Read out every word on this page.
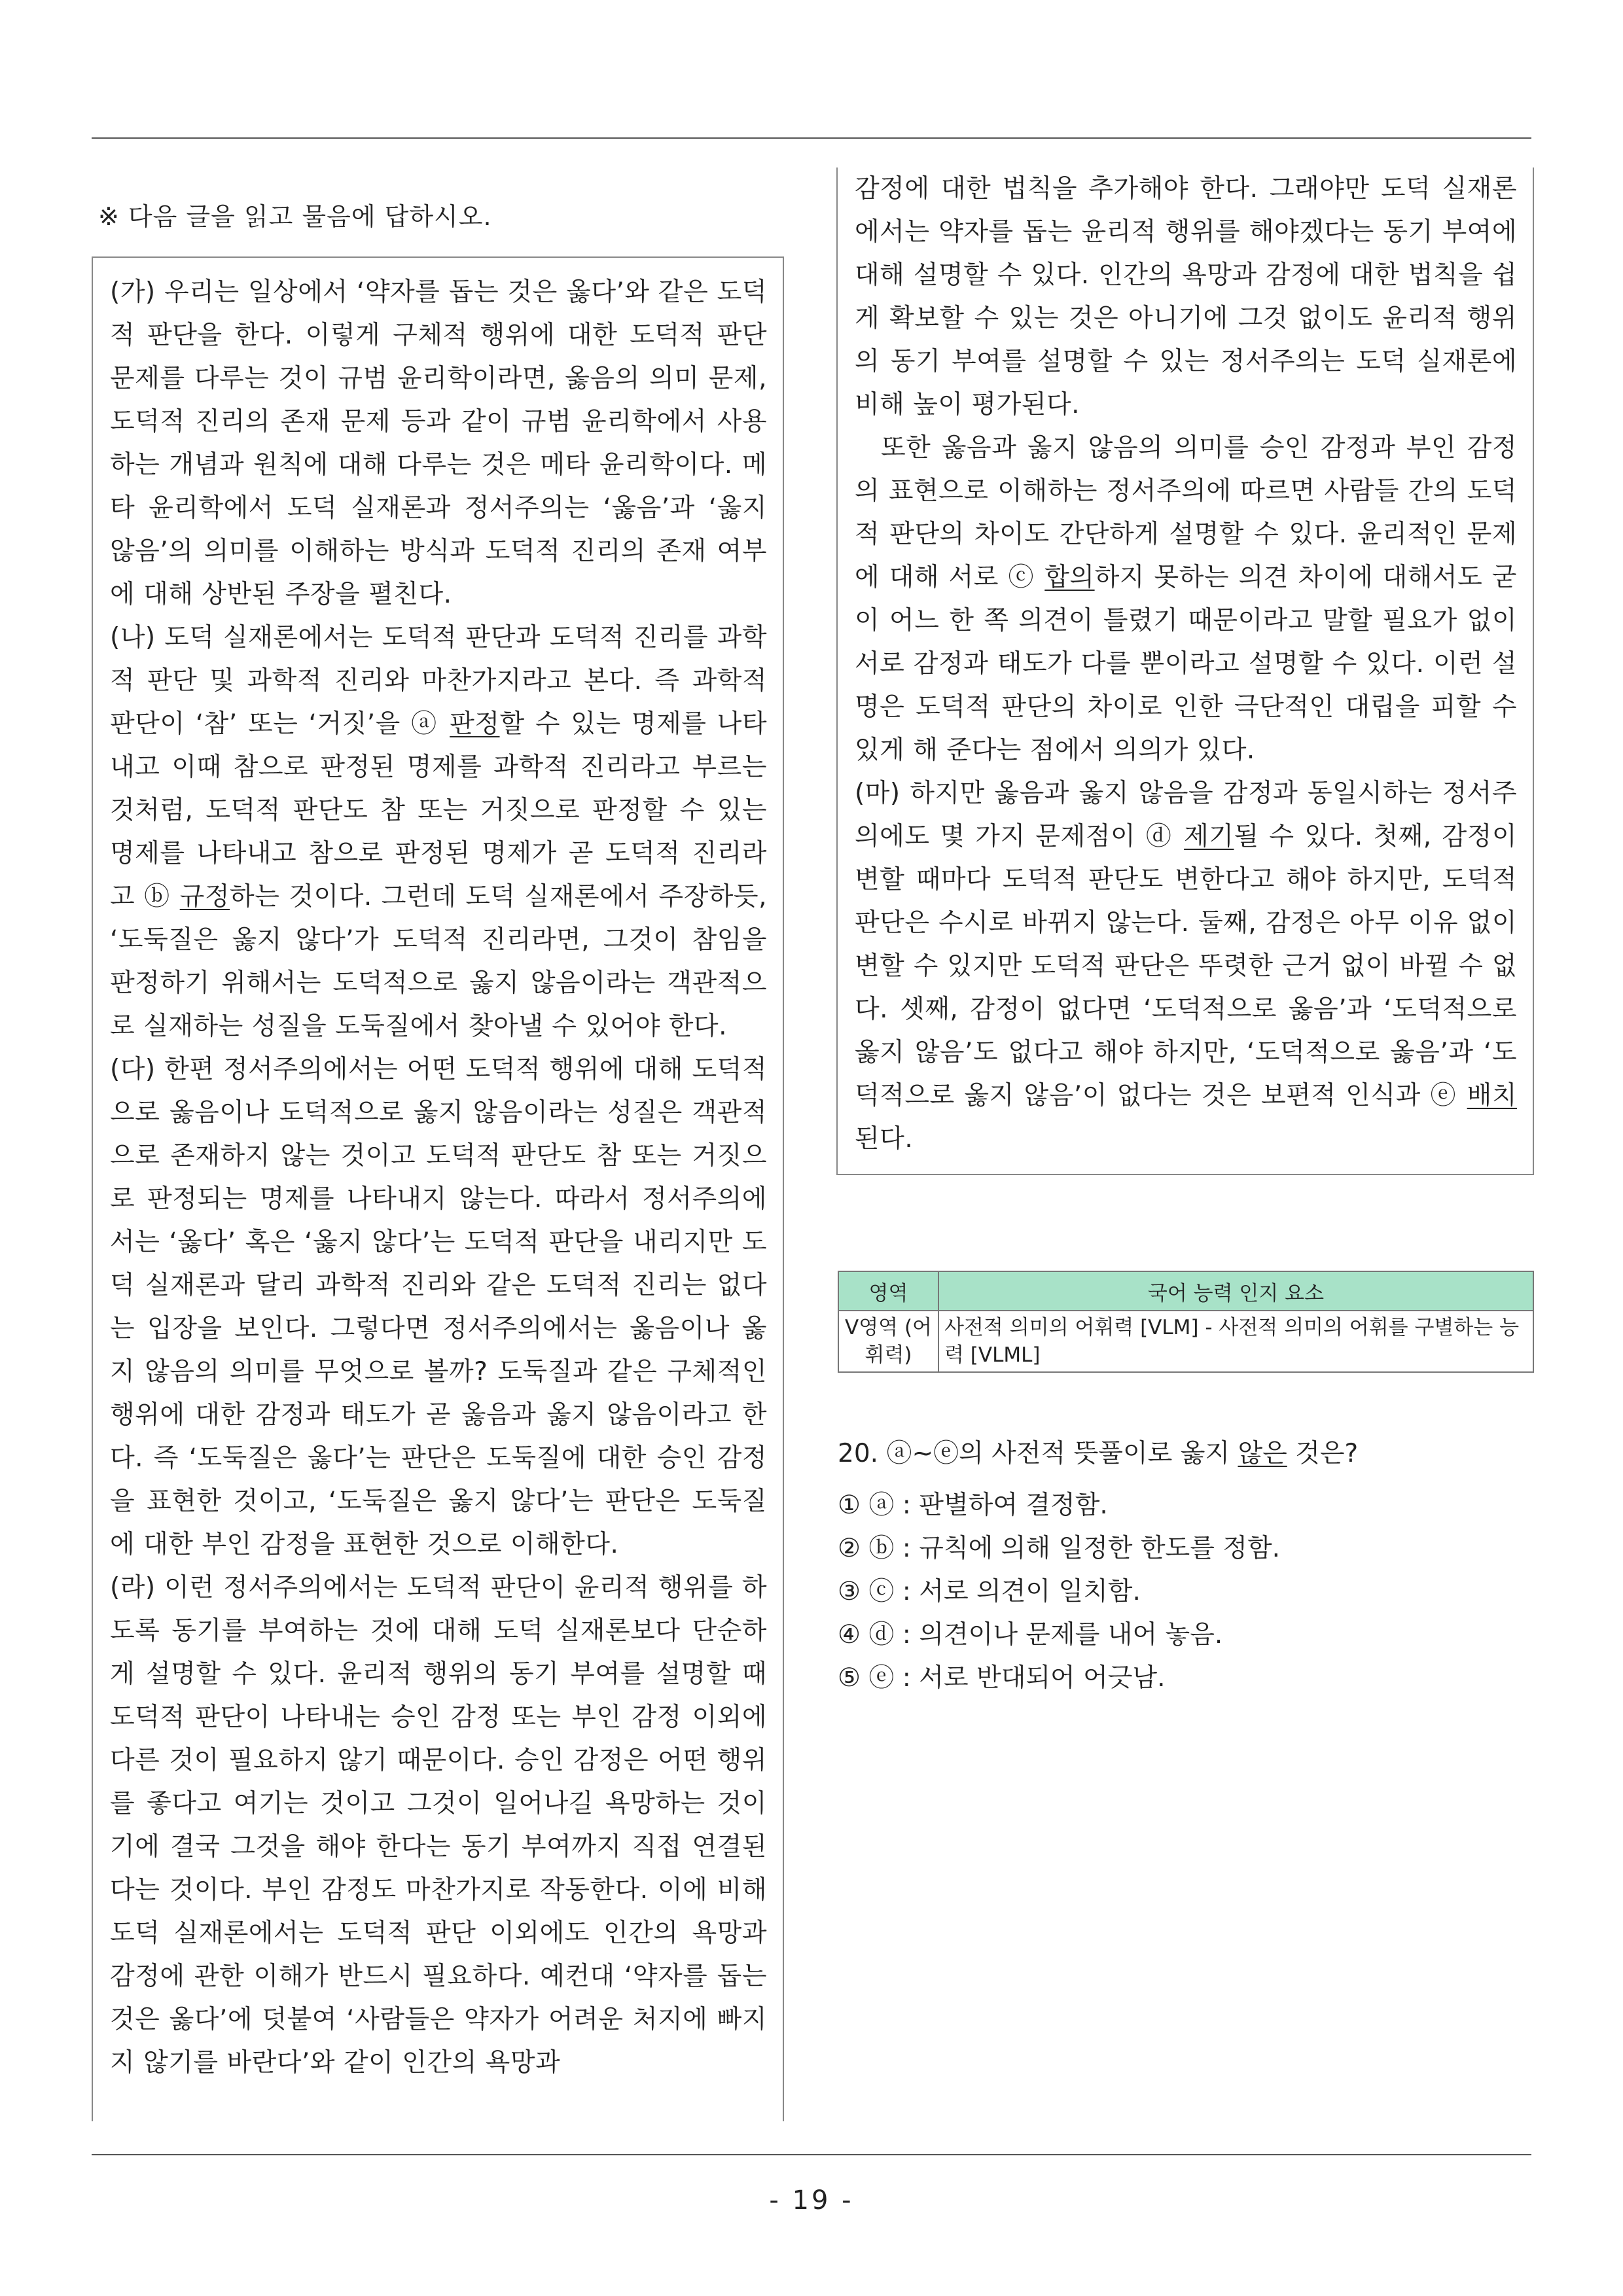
※ 다음 글을 읽고 물음에 답하시오.

(가) 우리는 일상에서 ‘약자를 돕는 것은 옳다’와 같은 도덕적 판단을 한다. 이렇게 구체적 행위에 대한 도덕적 판단 문제를 다루는 것이 규범 윤리학이라면, 옳음의 의미 문제, 도덕적 진리의 존재 문제 등과 같이 규범 윤리학에서 사용하는 개념과 원칙에 대해 다루는 것은 메타 윤리학이다. 메타 윤리학에서 도덕 실재론과 정서주의는 ‘옳음’과 ‘옳지 않음’의 의미를 이해하는 방식과 도덕적 진리의 존재 여부에 대해 상반된 주장을 펼친다.

(나) 도덕 실재론에서는 도덕적 판단과 도덕적 진리를 과학적 판단 및 과학적 진리와 마찬가지라고 본다. 즉 과학적 판단이 ‘참’ 또는 ‘거짓’을 ⓐ 판정할 수 있는 명제를 나타내고 이때 참으로 판정된 명제를 과학적 진리라고 부르는 것처럼, 도덕적 판단도 참 또는 거짓으로 판정할 수 있는 명제를 나타내고 참으로 판정된 명제가 곧 도덕적 진리라고 ⓑ 규정하는 것이다. 그런데 도덕 실재론에서 주장하듯, ‘도둑질은 옳지 않다’가 도덕적 진리라면, 그것이 참임을 판정하기 위해서는 도덕적으로 옳지 않음이라는 객관적으로 실재하는 성질을 도둑질에서 찾아낼 수 있어야 한다.

(다) 한편 정서주의에서는 어떤 도덕적 행위에 대해 도덕적으로 옳음이나 도덕적으로 옳지 않음이라는 성질은 객관적으로 존재하지 않는 것이고 도덕적 판단도 참 또는 거짓으로 판정되는 명제를 나타내지 않는다. 따라서 정서주의에서는 ‘옳다’ 혹은 ‘옳지 않다’는 도덕적 판단을 내리지만 도덕 실재론과 달리 과학적 진리와 같은 도덕적 진리는 없다는 입장을 보인다. 그렇다면 정서주의에서는 옳음이나 옳지 않음의 의미를 무엇으로 볼까? 도둑질과 같은 구체적인 행위에 대한 감정과 태도가 곧 옳음과 옳지 않음이라고 한다. 즉 ‘도둑질은 옳다’는 판단은 도둑질에 대한 승인 감정을 표현한 것이고, ‘도둑질은 옳지 않다’는 판단은 도둑질에 대한 부인 감정을 표현한 것으로 이해한다.

(라) 이런 정서주의에서는 도덕적 판단이 윤리적 행위를 하도록 동기를 부여하는 것에 대해 도덕 실재론보다 단순하게 설명할 수 있다. 윤리적 행위의 동기 부여를 설명할 때 도덕적 판단이 나타내는 승인 감정 또는 부인 감정 이외에 다른 것이 필요하지 않기 때문이다. 승인 감정은 어떤 행위를 좋다고 여기는 것이고 그것이 일어나길 욕망하는 것이기에 결국 그것을 해야 한다는 동기 부여까지 직접 연결된다는 것이다. 부인 감정도 마찬가지로 작동한다. 이에 비해 도덕 실재론에서는 도덕적 판단 이외에도 인간의 욕망과 감정에 관한 이해가 반드시 필요하다. 예컨대 ‘약자를 돕는 것은 옳다’에 덧붙여 ‘사람들은 약자가 어려운 처지에 빠지지 않기를 바란다’와 같이 인간의 욕망과

감정에 대한 법칙을 추가해야 한다. 그래야만 도덕 실재론에서는 약자를 돕는 윤리적 행위를 해야겠다는 동기 부여에 대해 설명할 수 있다. 인간의 욕망과 감정에 대한 법칙을 쉽게 확보할 수 있는 것은 아니기에 그것 없이도 윤리적 행위의 동기 부여를 설명할 수 있는 정서주의는 도덕 실재론에 비해 높이 평가된다.

또한 옳음과 옳지 않음의 의미를 승인 감정과 부인 감정의 표현으로 이해하는 정서주의에 따르면 사람들 간의 도덕적 판단의 차이도 간단하게 설명할 수 있다. 윤리적인 문제에 대해 서로 ⓒ 합의하지 못하는 의견 차이에 대해서도 굳이 어느 한 쪽 의견이 틀렸기 때문이라고 말할 필요가 없이 서로 감정과 태도가 다를 뿐이라고 설명할 수 있다. 이런 설명은 도덕적 판단의 차이로 인한 극단적인 대립을 피할 수 있게 해 준다는 점에서 의의가 있다.

(마) 하지만 옳음과 옳지 않음을 감정과 동일시하는 정서주의에도 몇 가지 문제점이 ⓓ 제기될 수 있다. 첫째, 감정이 변할 때마다 도덕적 판단도 변한다고 해야 하지만, 도덕적 판단은 수시로 바뀌지 않는다. 둘째, 감정은 아무 이유 없이 변할 수 있지만 도덕적 판단은 뚜렷한 근거 없이 바뀔 수 없다. 셋째, 감정이 없다면 ‘도덕적으로 옳음’과 ‘도덕적으로 옳지 않음’도 없다고 해야 하지만, ‘도덕적으로 옳음’과 ‘도덕적으로 옳지 않음’이 없다는 것은 보편적 인식과 ⓔ 배치된다.

영역	국어 능력 인지 요소
V영역 (어휘력)	사전적 의미의 어휘력 [VLM] - 사전적 의미의 어휘를 구별하는 능력 [VLML]

20. ⓐ~ⓔ의 사전적 뜻풀이로 옳지 않은 것은?

① ⓐ : 판별하여 결정함.

② ⓑ : 규칙에 의해 일정한 한도를 정함.

③ ⓒ : 서로 의견이 일치함.

④ ⓓ : 의견이나 문제를 내어 놓음.

⑤ ⓔ : 서로 반대되어 어긋남.

- 19 -
